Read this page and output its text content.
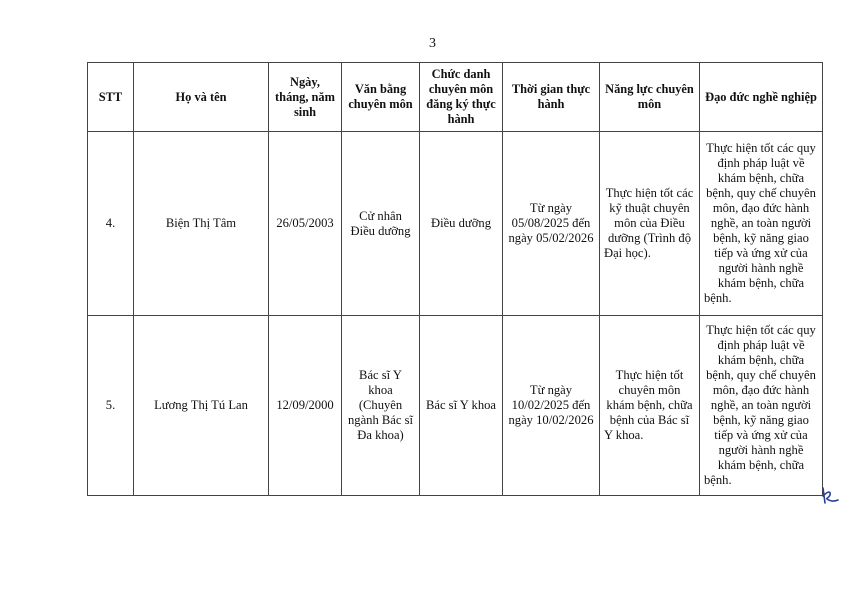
3
STT	Họ và tên	Ngày, tháng, năm sinh	Văn bằng chuyên môn	Chức danh chuyên môn đăng ký thực hành	Thời gian thực hành	Năng lực chuyên môn	Đạo đức nghề nghiệp
4.	Biện Thị Tâm	26/05/2003	Cử nhân Điều dưỡng	Điều dưỡng	Từ ngày 05/08/2025 đến ngày 05/02/2026	Thực hiện tốt các kỹ thuật chuyên môn của Điều dưỡng (Trình độ Đại học).	Thực hiện tốt các quy định pháp luật về khám bệnh, chữa bệnh, quy chế chuyên môn, đạo đức hành nghề, an toàn người bệnh, kỹ năng giao tiếp và ứng xử của người hành nghề khám bệnh, chữa bệnh.
5.	Lương Thị Tú Lan	12/09/2000	Bác sĩ Y khoa (Chuyên ngành Bác sĩ Đa khoa)	Bác sĩ Y khoa	Từ ngày 10/02/2025 đến ngày 10/02/2026	Thực hiện tốt chuyên môn khám bệnh, chữa bệnh của Bác sĩ Y khoa.	Thực hiện tốt các quy định pháp luật về khám bệnh, chữa bệnh, quy chế chuyên môn, đạo đức hành nghề, an toàn người bệnh, kỹ năng giao tiếp và ứng xử của người hành nghề khám bệnh, chữa bệnh.
